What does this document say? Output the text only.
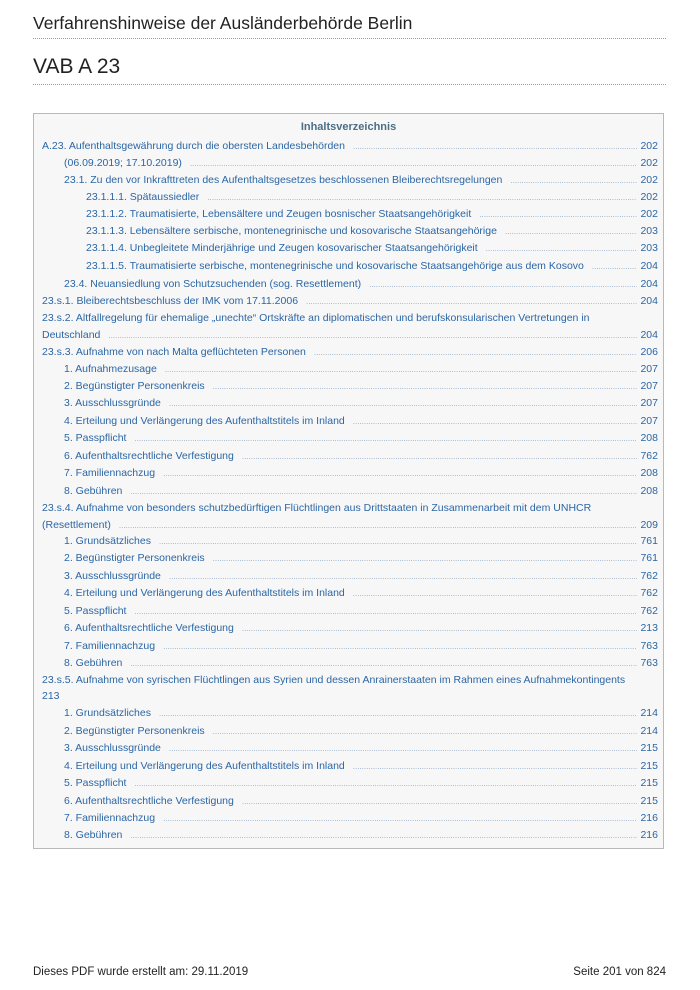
Verfahrenshinweise der Ausländerbehörde Berlin
VAB A 23
Inhaltsverzeichnis
A.23. Aufenthaltsgewährung durch die obersten Landesbehörden .....	202
(06.09.2019; 17.10.2019) .....	202
23.1. Zu den vor Inkrafttreten des Aufenthaltsgesetzes beschlossenen Bleiberechtsregelungen .....	202
23.1.1.1. Spätaussiedler .....	202
23.1.1.2. Traumatisierte, Lebensältere und Zeugen bosnischer Staatsangehörigkeit .....	202
23.1.1.3. Lebensältere serbische, montenegrinische und kosovarische Staatsangehörige .....	203
23.1.1.4. Unbegleitete Minderjährige und Zeugen kosovarischer Staatsangehörigkeit .....	203
23.1.1.5. Traumatisierte serbische, montenegrinische und kosovarische Staatsangehörige aus dem Kosovo .....	204
23.4. Neuansiedlung von Schutzsuchenden (sog. Resettlement) .....	204
23.s.1. Bleiberechtsbeschluss der IMK vom 17.11.2006 .....	204
23.s.2. Altfallregelung für ehemalige „unechte“ Ortskräfte an diplomatischen und berufskonsularischen Vertretungen in
Deutschland .....	204
23.s.3. Aufnahme von nach Malta geflüchteten Personen .....	206
1. Aufnahmezusage .....	207
2. Begünstigter Personenkreis .....	207
3. Ausschlussgründe .....	207
4. Erteilung und Verlängerung des Aufenthaltstitels im Inland .....	207
5. Passpflicht .....	208
6. Aufenthaltsrechtliche Verfestigung .....	762
7. Familiennachzug .....	208
8. Gebühren .....	208
23.s.4. Aufnahme von besonders schutzbedürftigen Flüchtlingen aus Drittstaaten in Zusammenarbeit mit dem UNHCR
(Resettlement) .....	209
1. Grundsätzliches .....	761
2. Begünstigter Personenkreis .....	761
3. Ausschlussgründe .....	762
4. Erteilung und Verlängerung des Aufenthaltstitels im Inland .....	762
5. Passpflicht .....	762
6. Aufenthaltsrechtliche Verfestigung .....	213
7. Familiennachzug .....	763
8. Gebühren .....	763
23.s.5. Aufnahme von syrischen Flüchtlingen aus Syrien und dessen Anrainerstaaten im Rahmen eines Aufnahmekontingents
213
1. Grundsätzliches .....	214
2. Begünstigter Personenkreis .....	214
3. Ausschlussgründe .....	215
4. Erteilung und Verlängerung des Aufenthaltstitels im Inland .....	215
5. Passpflicht .....	215
6. Aufenthaltsrechtliche Verfestigung .....	215
7. Familiennachzug .....	216
8. Gebühren .....	216
Dieses PDF wurde erstellt am: 29.11.2019	Seite 201 von 824
